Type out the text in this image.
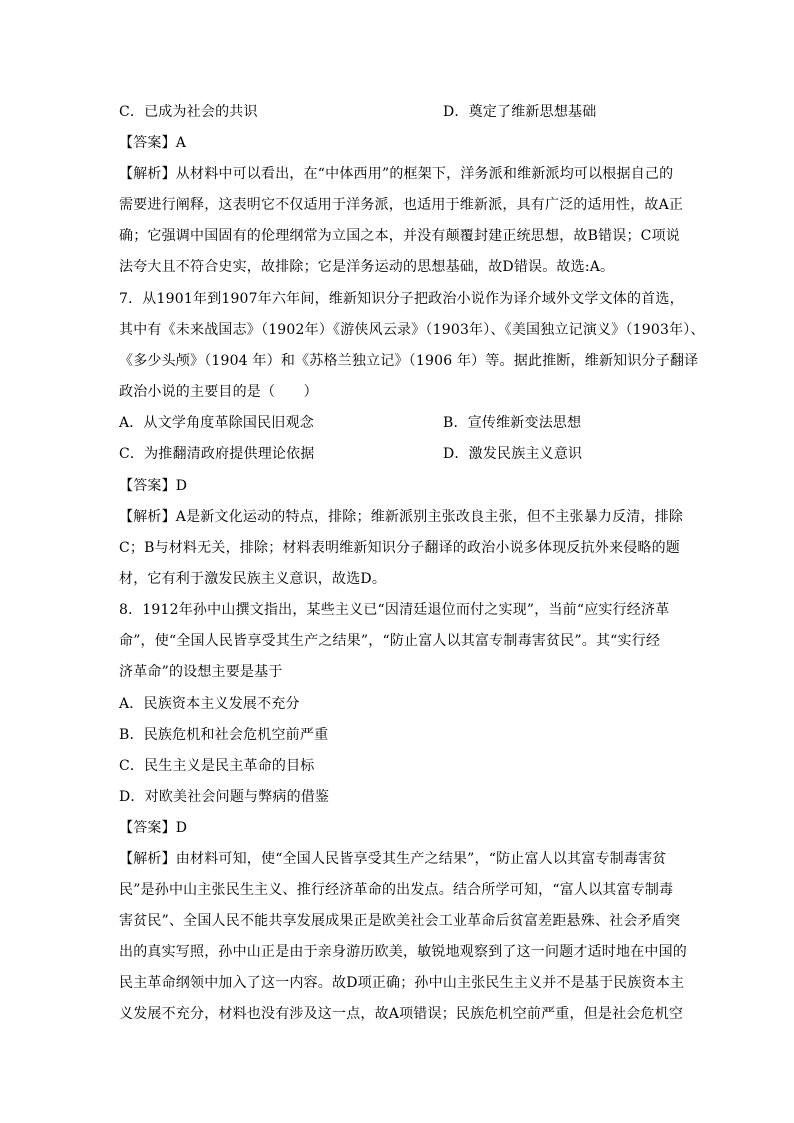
C．已成为社会的共识	D．奠定了维新思想基础
【答案】A
【解析】从材料中可以看出，在“中体西用”的框架下，洋务派和维新派均可以根据自己的
需要进行阐释，这表明它不仅适用于洋务派，也适用于维新派，具有广泛的适用性，故A正
确；它强调中国固有的伦理纲常为立国之本，并没有颠覆封建正统思想，故B错误；C项说
法夸大且不符合史实，故排除；它是洋务运动的思想基础，故D错误。故选:A。
7．从1901年到1907年六年间，维新知识分子把政治小说作为译介域外文学文体的首选，
其中有《未来战国志》（1902年）《游侠风云录》（1903年）、《美国独立记演义》（1903年）、
《多少头颅》（1904 年）和《苏格兰独立记》（1906 年）等。据此推断，维新知识分子翻译
政治小说的主要目的是（　　）
A．从文学角度革除国民旧观念	B．宣传维新变法思想
C．为推翻清政府提供理论依据	D．激发民族主义意识
【答案】D
【解析】A是新文化运动的特点，排除；维新派别主张改良主张，但不主张暴力反清，排除
C；B与材料无关，排除；材料表明维新知识分子翻译的政治小说多体现反抗外来侵略的题
材，它有利于激发民族主义意识，故选D。
8．1912年孙中山撰文指出，某些主义已“因清廷退位而付之实现”，当前“应实行经济革
命”，使“全国人民皆享受其生产之结果”，“防止富人以其富专制毒害贫民”。其“实行经
济革命”的设想主要是基于
A．民族资本主义发展不充分
B．民族危机和社会危机空前严重
C．民生主义是民主革命的目标
D．对欧美社会问题与弊病的借鉴
【答案】D
【解析】由材料可知，使“全国人民皆享受其生产之结果”，“防止富人以其富专制毒害贫
民”是孙中山主张民生主义、推行经济革命的出发点。结合所学可知，“富人以其富专制毒
害贫民”、全国人民不能共享发展成果正是欧美社会工业革命后贫富差距悬殊、社会矛盾突
出的真实写照，孙中山正是由于亲身游历欧美，敏锐地观察到了这一问题才适时地在中国的
民主革命纲领中加入了这一内容。故D项正确；孙中山主张民生主义并不是基于民族资本主
义发展不充分，材料也没有涉及这一点，故A项错误；民族危机空前严重，但是社会危机空
